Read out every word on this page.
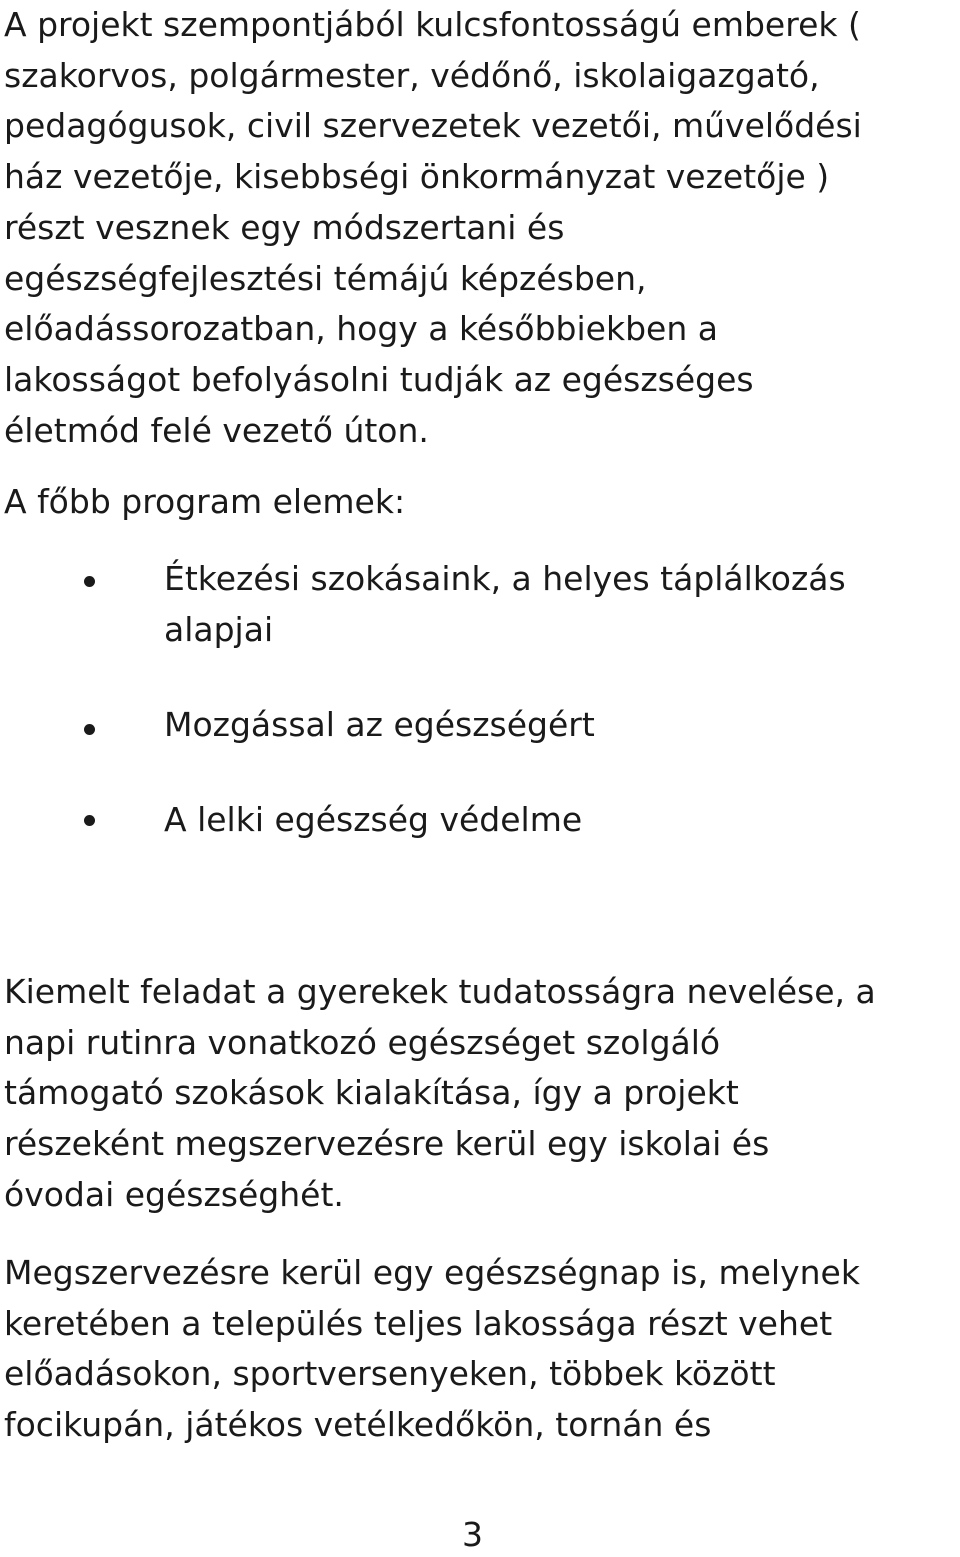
A projekt szempontjából kulcsfontosságú emberek (
szakorvos, polgármester, védőnő, iskolaigazgató,
pedagógusok, civil szervezetek vezetői, művelődési
ház vezetője, kisebbségi önkormányzat vezetője )
részt vesznek egy módszertani és
egészségfejlesztési témájú képzésben,
előadássorozatban, hogy a későbbiekben a
lakosságot befolyásolni tudják az egészséges
életmód felé vezető úton.

A főbb program elemek:

Étkezési szokásaink, a helyes táplálkozás
alapjai
Mozgással az egészségért
A lelki egészség védelme

Kiemelt feladat a gyerekek tudatosságra nevelése, a
napi rutinra vonatkozó egészséget szolgáló
támogató szokások kialakítása, így a projekt
részeként megszervezésre kerül egy iskolai és
óvodai egészséghét.

Megszervezésre kerül egy egészségnap is, melynek
keretében a település teljes lakossága részt vehet
előadásokon, sportversenyeken, többek között
focikupán, játékos vetélkedőkön, tornán és

3
